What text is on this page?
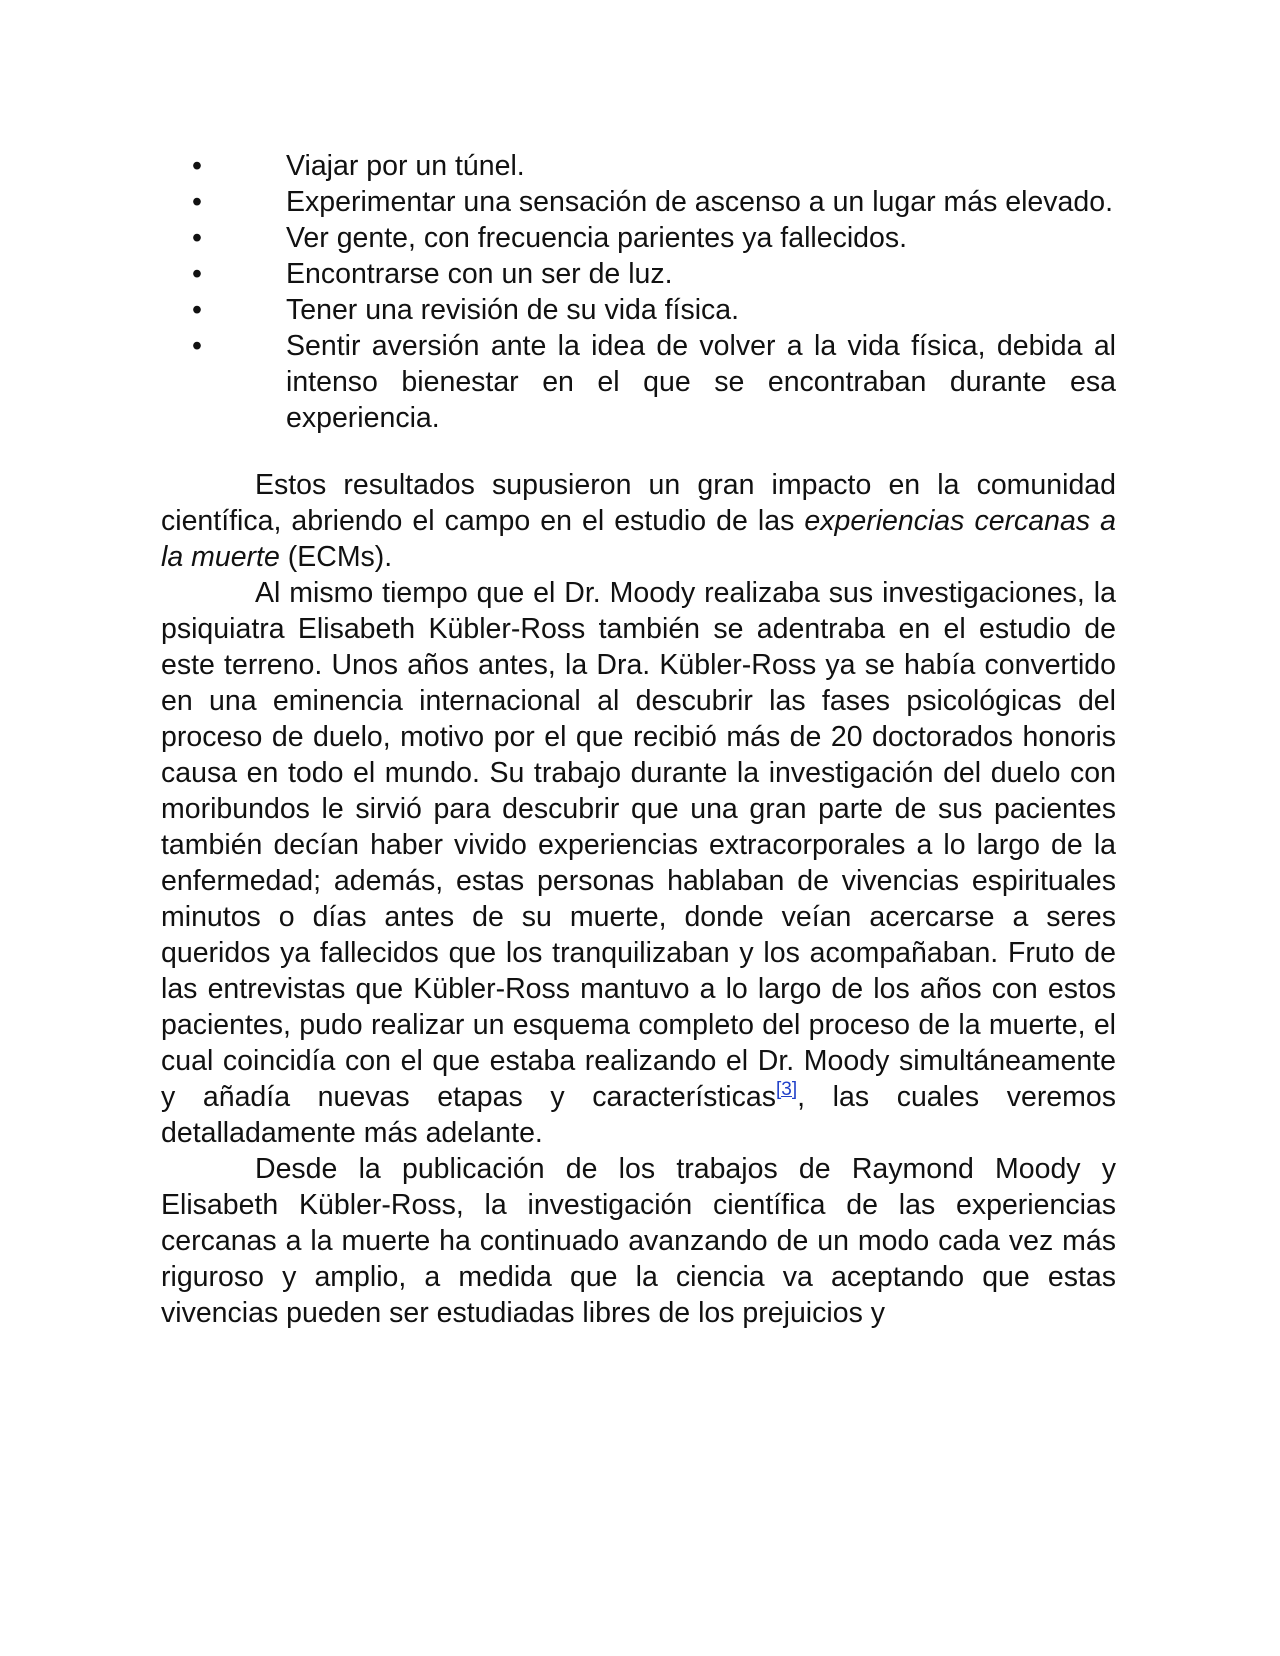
•	Viajar por un túnel.
•	Experimentar una sensación de ascenso a un lugar más elevado.
•	Ver gente, con frecuencia parientes ya fallecidos.
•	Encontrarse con un ser de luz.
•	Tener una revisión de su vida física.
•	Sentir aversión ante la idea de volver a la vida física, debida al intenso bienestar en el que se encontraban durante esa experiencia.

Estos resultados supusieron un gran impacto en la comunidad científica, abriendo el campo en el estudio de las experiencias cercanas a la muerte (ECMs).

Al mismo tiempo que el Dr. Moody realizaba sus investigaciones, la psiquiatra Elisabeth Kübler-Ross también se adentraba en el estudio de este terreno. Unos años antes, la Dra. Kübler-Ross ya se había convertido en una eminencia internacional al descubrir las fases psicológicas del proceso de duelo, motivo por el que recibió más de 20 doctorados honoris causa en todo el mundo. Su trabajo durante la investigación del duelo con moribundos le sirvió para descubrir que una gran parte de sus pacientes también decían haber vivido experiencias extracorporales a lo largo de la enfermedad; además, estas personas hablaban de vivencias espirituales minutos o días antes de su muerte, donde veían acercarse a seres queridos ya fallecidos que los tranquilizaban y los acompañaban. Fruto de las entrevistas que Kübler-Ross mantuvo a lo largo de los años con estos pacientes, pudo realizar un esquema completo del proceso de la muerte, el cual coincidía con el que estaba realizando el Dr. Moody simultáneamente y añadía nuevas etapas y características[3], las cuales veremos detalladamente más adelante.

Desde la publicación de los trabajos de Raymond Moody y Elisabeth Kübler-Ross, la investigación científica de las experiencias cercanas a la muerte ha continuado avanzando de un modo cada vez más riguroso y amplio, a medida que la ciencia va aceptando que estas vivencias pueden ser estudiadas libres de los prejuicios y
